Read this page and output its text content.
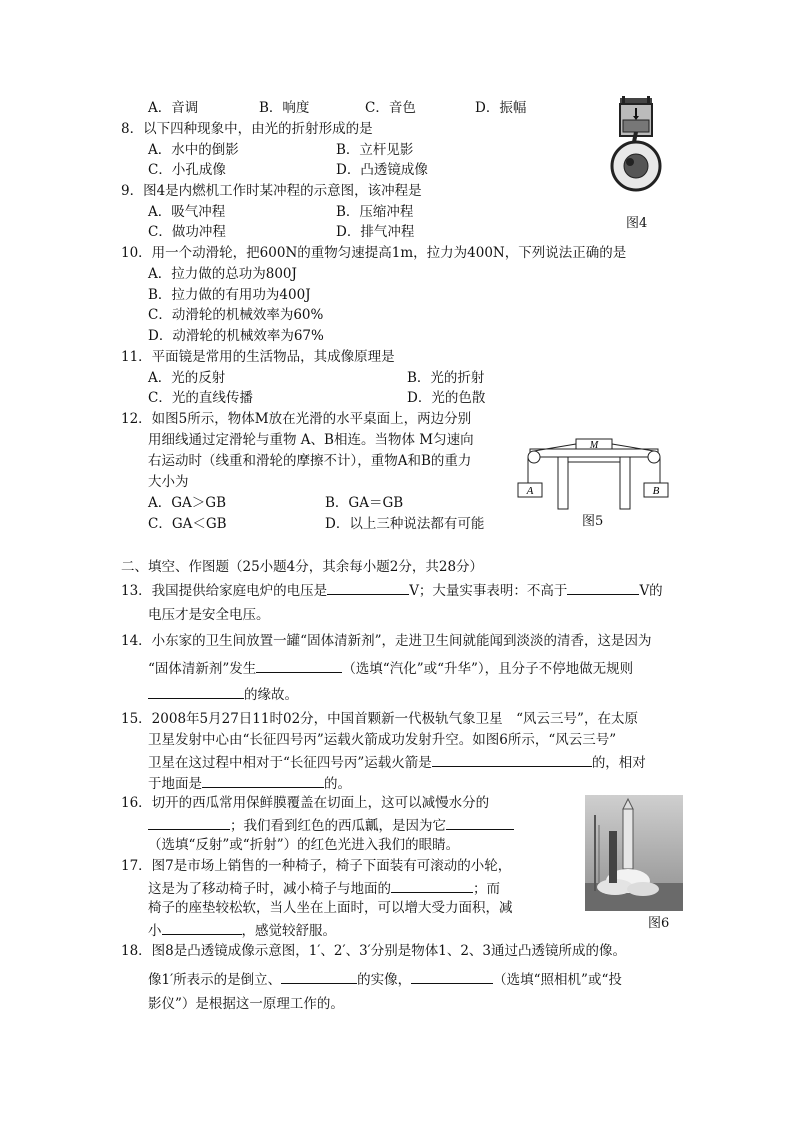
A．音调	B．响度	C．音色	D．振幅
8．以下四种现象中，由光的折射形成的是
A．水中的倒影	B．立杆见影
C．小孔成像	D．凸透镜成像
9．图4是内燃机工作时某冲程的示意图，该冲程是
A．吸气冲程	B．压缩冲程
C．做功冲程	D．排气冲程
图4
10．用一个动滑轮，把600N的重物匀速提高1m，拉力为400N，下列说法正确的是
A．拉力做的总功为800J
B．拉力做的有用功为400J
C．动滑轮的机械效率为60%
D．动滑轮的机械效率为67%
11．平面镜是常用的生活物品，其成像原理是
A．光的反射	B．光的折射
C．光的直线传播	D．光的色散
12．如图5所示，物体M放在光滑的水平桌面上，两边分别
用细线通过定滑轮与重物 A、B相连。当物体 M匀速向
右运动时（线重和滑轮的摩擦不计），重物A和B的重力
大小为
A．GA＞GB	B．GA＝GB
C．GA＜GB	D．以上三种说法都有可能
M
A	B
图5
二、填空、作图题（25小题4分，其余每小题2分，共28分）
13．我国提供给家庭电炉的电压是	V；大量实事表明：不高于	V的
电压才是安全电压。
14．小东家的卫生间放置一罐“固体清新剂”，走进卫生间就能闻到淡淡的清香，这是因为
“固体清新剂”发生	（选填“汽化”或“升华”），且分子不停地做无规则
的缘故。
15．2008年5月27日11时02分，中国首颗新一代极轨气象卫星　“风云三号”，在太原
卫星发射中心由“长征四号丙”运载火箭成功发射升空。如图6所示，“风云三号”
卫星在这过程中相对于“长征四号丙”运载火箭是	的，相对
于地面是	的。
16．切开的西瓜常用保鲜膜覆盖在切面上，这可以减慢水分的
；我们看到红色的西瓜瓤，是因为它
（选填“反射”或“折射”）的红色光进入我们的眼睛。
图6
17．图7是市场上销售的一种椅子，椅子下面装有可滚动的小轮，
这是为了移动椅子时，减小椅子与地面的	；而
椅子的座垫较松软，当人坐在上面时，可以增大受力面积，减
小	，感觉较舒服。
18．图8是凸透镜成像示意图，1′、2′、3′分别是物体1、2、3通过凸透镜所成的像。
像1′所表示的是倒立、	的实像，	（选填“照相机”或“投
影仪”）是根据这一原理工作的。
